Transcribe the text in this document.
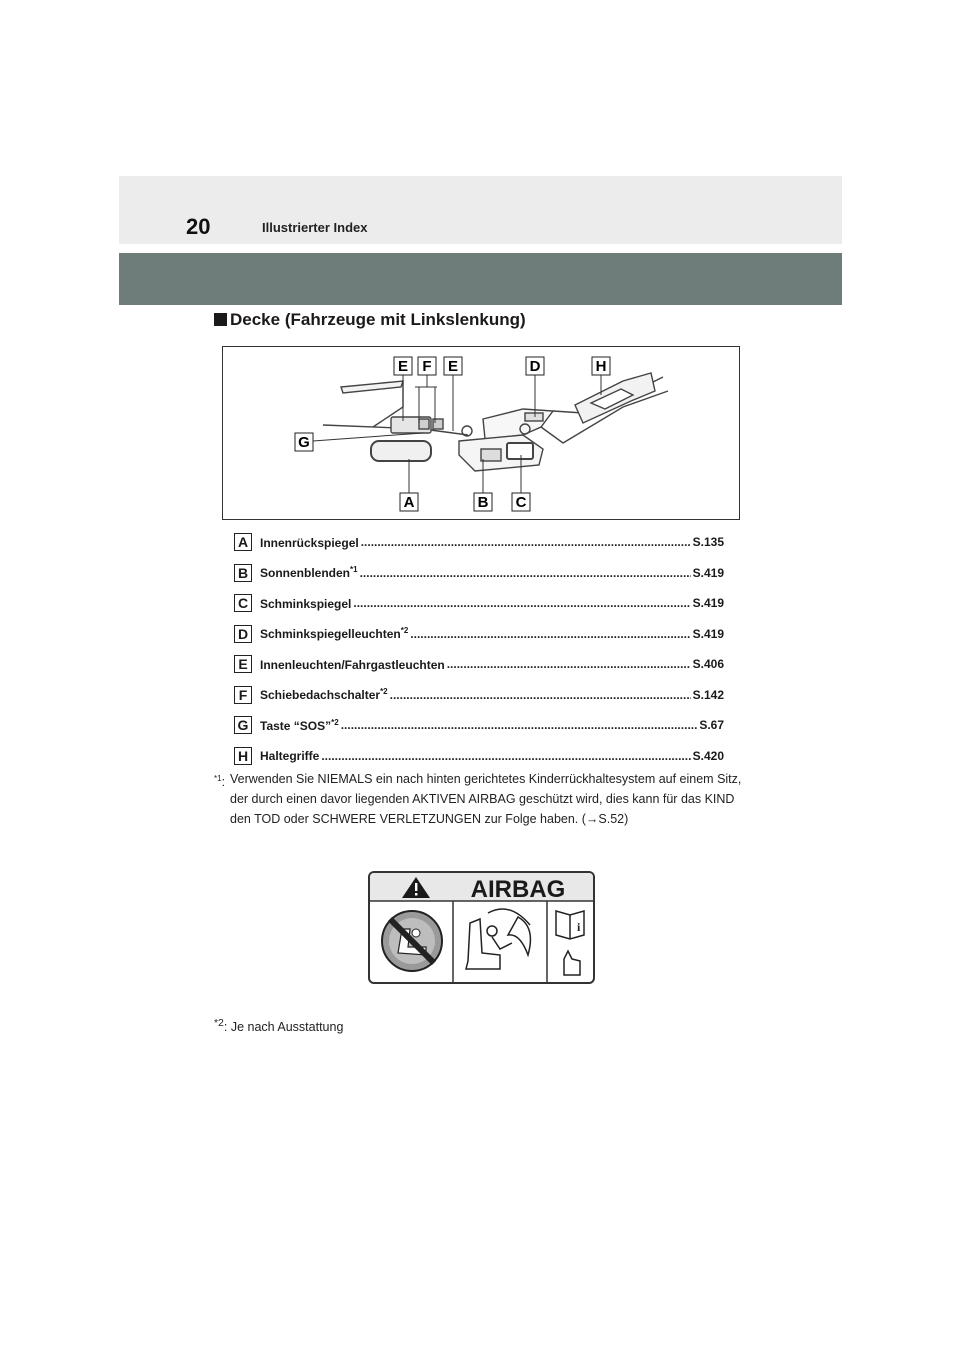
20	Illustrierter Index
Decke (Fahrzeuge mit Linkslenkung)
E F E	D	H
G
A	B C
A Innenrückspiegel .....	S.135
B Sonnenblenden$^{*1}$ .....	S.419
C Schminkspiegel .....	S.419
D Schminkspiegelleuchten$^{*2}$ .....	S.419
E	Innenleuchten/Fahrgastleuchten .....	S.406
F	Schiebedachschalter$^{*2}$ .....	S.142
G Taste “SOS”$^{*2}$ .....	S.67
H Haltegriffe .....	S.420
$^{*1}$: Verwenden Sie NIEMALS ein nach hinten gerichtetes Kinderrückhaltesystem auf einem Sitz, der durch einen davor liegenden AKTIVEN AIRBAG geschützt wird, dies kann für das KIND den TOD oder SCHWERE VERLETZUNGEN zur Folge haben. (→S.52)
AIRBAG
i
$^{*2}$: Je nach Ausstattung
